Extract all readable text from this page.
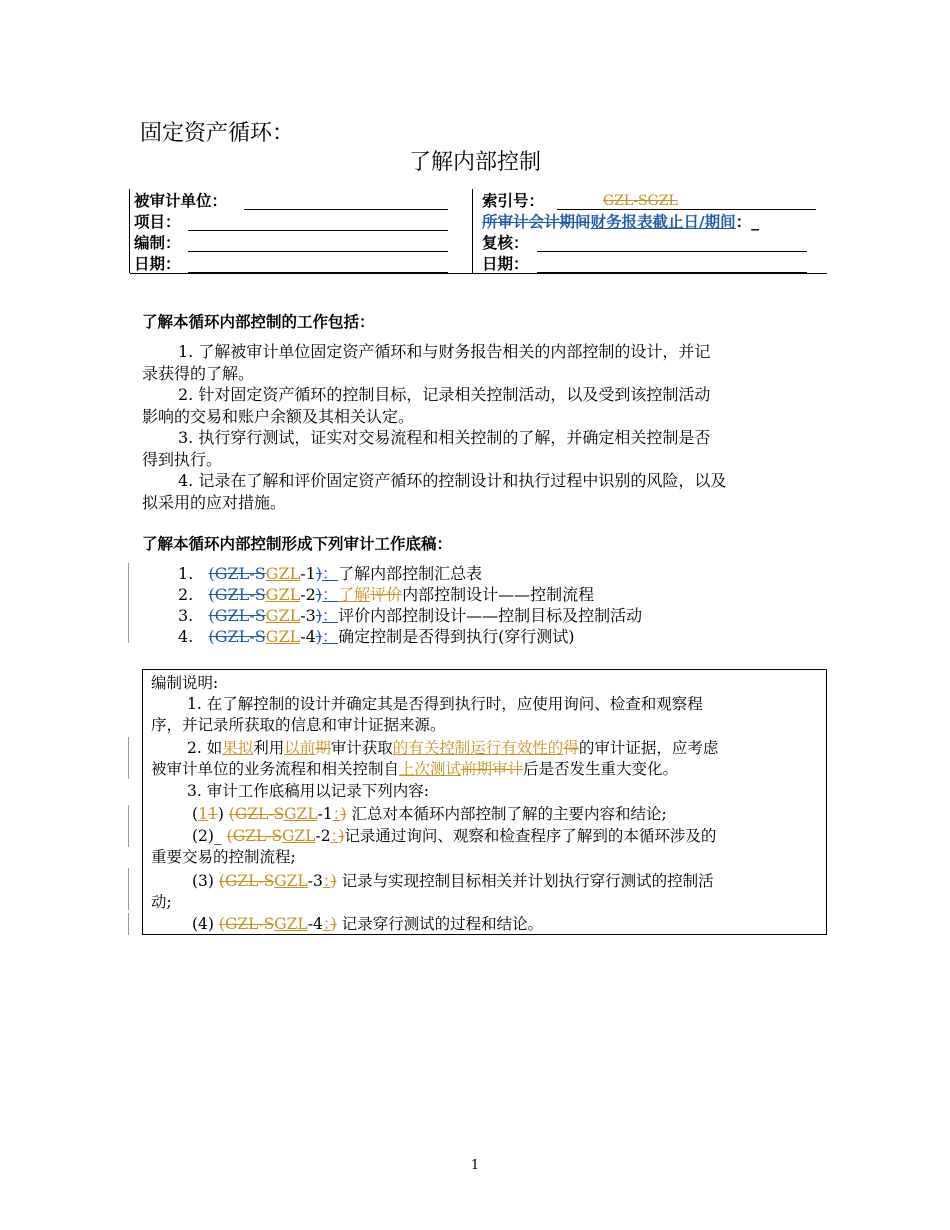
固定资产循环：
了解内部控制
被审计单位：
项目：
编制：
日期：
索引号：	GZL-SGZL
所审计会计期间财务报表截止日/期间：_
复核：
日期：
了解本循环内部控制的工作包括：
1. 了解被审计单位固定资产循环和与财务报告相关的内部控制的设计，并记
录获得的了解。
2. 针对固定资产循环的控制目标，记录相关控制活动，以及受到该控制活动
影响的交易和账户余额及其相关认定。
3. 执行穿行测试，证实对交易流程和相关控制的了解，并确定相关控制是否
得到执行。
4. 记录在了解和评价固定资产循环的控制设计和执行过程中识别的风险，以及
拟采用的应对措施。
了解本循环内部控制形成下列审计工作底稿：
1. (GZL-SGZL-1)：了解内部控制汇总表
2. (GZL-SGZL-2)：了解评价内部控制设计——控制流程
3. (GZL-SGZL-3)：评价内部控制设计——控制目标及控制活动
4. (GZL-SGZL-4)：确定控制是否得到执行(穿行测试)
编制说明:
1. 在了解控制的设计并确定其是否得到执行时，应使用询问、检查和观察程
序，并记录所获取的信息和审计证据来源。
2. 如果拟利用以前期审计获取的有关控制运行有效性的得的审计证据，应考虑
被审计单位的业务流程和相关控制自上次测试前期审计后是否发生重大变化。
3. 审计工作底稿用以记录下列内容:
(11) (GZL-SGZL-1：) 汇总对本循环内部控制了解的主要内容和结论;
(2)_ (GZL-SGZL-2：)记录通过询问、观察和检查程序了解到的本循环涉及的
重要交易的控制流程;
(3) (GZL-SGZL-3：) 记录与实现控制目标相关并计划执行穿行测试的控制活
动;
(4) (GZL-SGZL-4：) 记录穿行测试的过程和结论。
1
